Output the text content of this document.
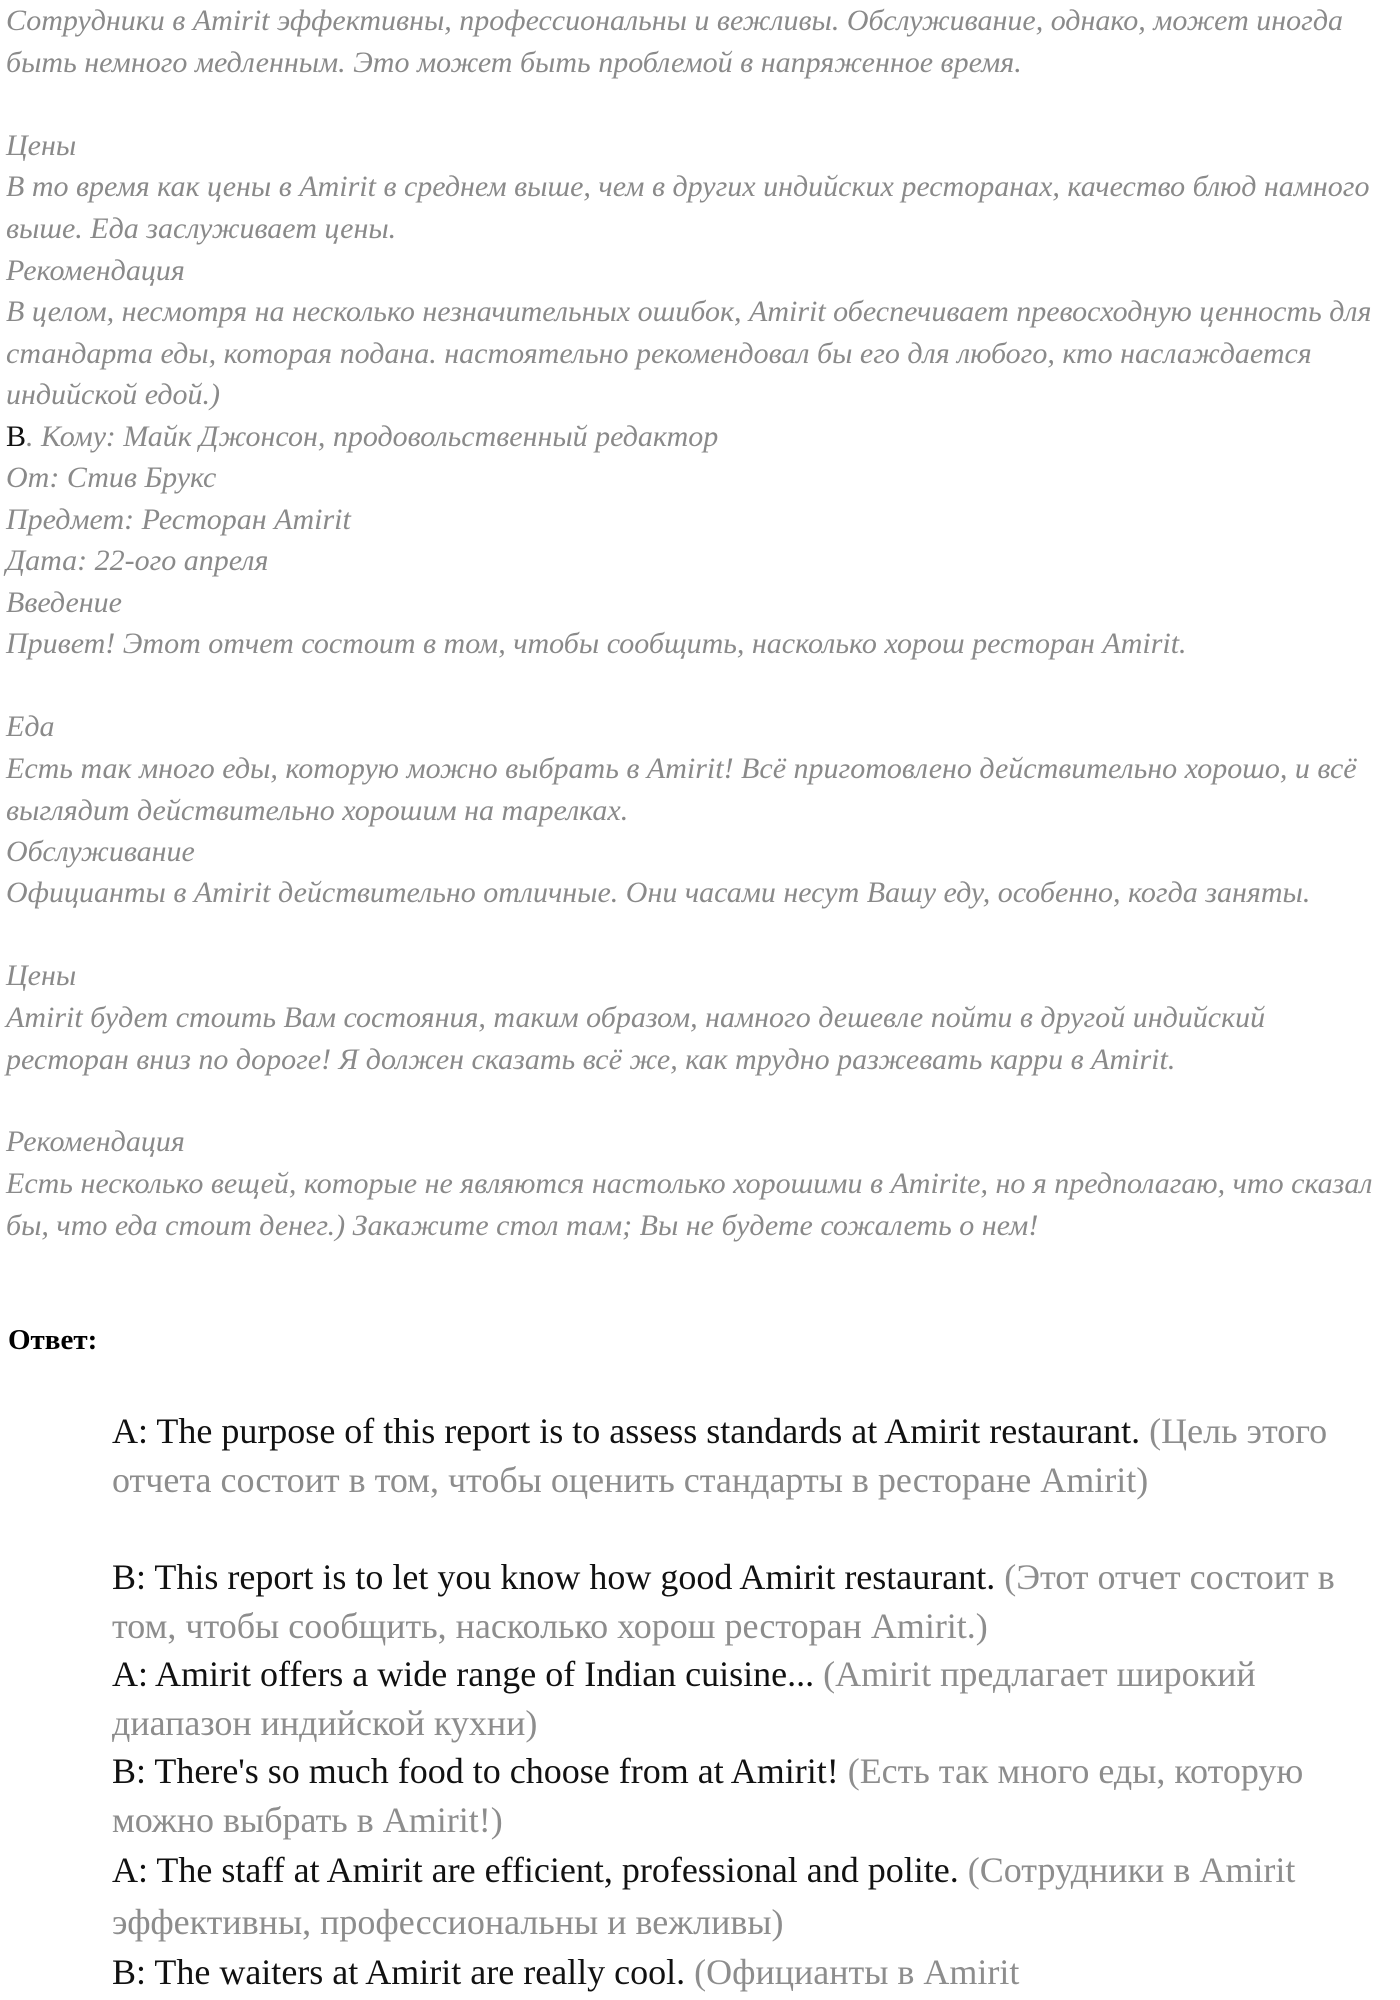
Сотрудники в Amirit эффективны, профессиональны и вежливы. Обслуживание, однако, может иногда быть немного медленным. Это может быть проблемой в напряженное время.
Цены
В то время как цены в Amirit в среднем выше, чем в других индийских ресторанах, качество блюд намного выше. Еда заслуживает цены.
Рекомендация
В целом, несмотря на несколько незначительных ошибок, Amirit обеспечивает превосходную ценность для стандарта еды, которая подана. настоятельно рекомендовал бы его для любого, кто наслаждается индийской едой.)
В. Кому: Майк Джонсон, продовольственный редактор
От: Стив Брукс
Предмет: Ресторан Amirit
Дата: 22-ого апреля
Введение
Привет! Этот отчет состоит в том, чтобы сообщить, насколько хорош ресторан Amirit.
Еда
Есть так много еды, которую можно выбрать в Amirit! Всё приготовлено действительно хорошо, и всё выглядит действительно хорошим на тарелках.
Обслуживание
Официанты в Amirit действительно отличные. Они часами несут Вашу еду, особенно, когда заняты.
Цены
Amirit будет стоить Вам состояния, таким образом, намного дешевле пойти в другой индийский ресторан вниз по дороге! Я должен сказать всё же, как трудно разжевать карри в Amirit.
Рекомендация
Есть несколько вещей, которые не являются настолько хорошими в Amirite, но я предполагаю, что сказал бы, что еда стоит денег.) Закажите стол там; Вы не будете сожалеть о нем!
Ответ:
A: The purpose of this report is to assess standards at Amirit restaurant. (Цель этого отчета состоит в том, чтобы оценить стандарты в ресторане Amirit)
B: This report is to let you know how good Amirit restaurant. (Этот отчет состоит в том, чтобы сообщить, насколько хорош ресторан Amirit.)
A: Amirit offers a wide range of Indian cuisine... (Amirit предлагает широкий диапазон индийской кухни)
B: There's so much food to choose from at Amirit! (Есть так много еды, которую можно выбрать в Amirit!)
A: The staff at Amirit are efficient, professional and polite. (Сотрудники в Amirit эффективны, профессиональны и вежливы)
B: The waiters at Amirit are really cool. (Официанты в Amirit
